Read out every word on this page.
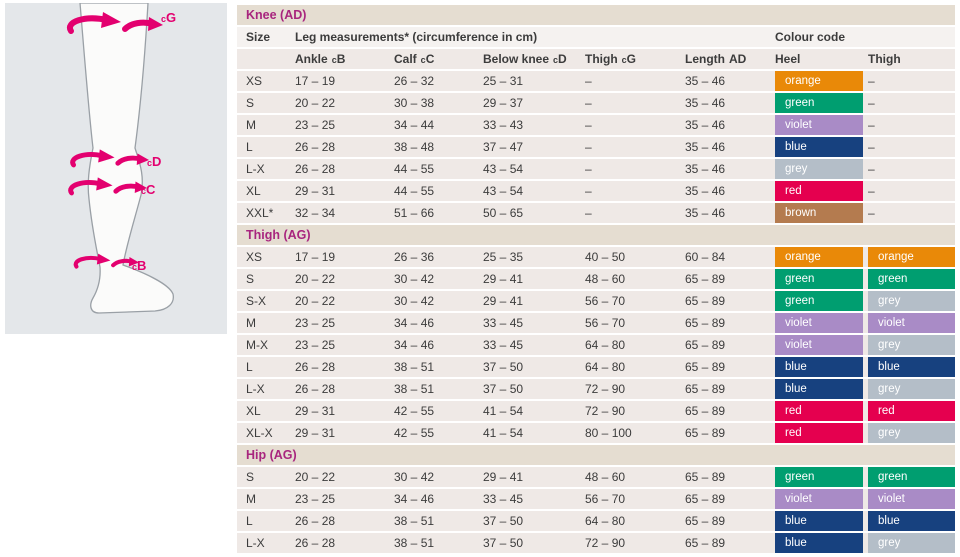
cG
cD
cC
cB
Knee (AD)
Size	Leg measurements* (circumference in cm)	Colour code
Ankle cB	Calf cC	Below knee cD	Thigh cG	Length AD	Heel	Thigh
XS	17 – 19	26 – 32	25 – 31	–	35 – 46	orange	–
S	20 – 22	30 – 38	29 – 37	–	35 – 46	green	–
M	23 – 25	34 – 44	33 – 43	–	35 – 46	violet	–
L	26 – 28	38 – 48	37 – 47	–	35 – 46	blue	–
L-X	26 – 28	44 – 55	43 – 54	–	35 – 46	grey	–
XL	29 – 31	44 – 55	43 – 54	–	35 – 46	red	–
XXL*	32 – 34	51 – 66	50 – 65	–	35 – 46	brown	–
Thigh (AG)
XS	17 – 19	26 – 36	25 – 35	40 – 50	60 – 84	orange	orange
S	20 – 22	30 – 42	29 – 41	48 – 60	65 – 89	green	green
S-X	20 – 22	30 – 42	29 – 41	56 – 70	65 – 89	green	grey
M	23 – 25	34 – 46	33 – 45	56 – 70	65 – 89	violet	violet
M-X	23 – 25	34 – 46	33 – 45	64 – 80	65 – 89	violet	grey
L	26 – 28	38 – 51	37 – 50	64 – 80	65 – 89	blue	blue
L-X	26 – 28	38 – 51	37 – 50	72 – 90	65 – 89	blue	grey
XL	29 – 31	42 – 55	41 – 54	72 – 90	65 – 89	red	red
XL-X	29 – 31	42 – 55	41 – 54	80 – 100	65 – 89	red	grey
Hip (AG)
S	20 – 22	30 – 42	29 – 41	48 – 60	65 – 89	green	green
M	23 – 25	34 – 46	33 – 45	56 – 70	65 – 89	violet	violet
L	26 – 28	38 – 51	37 – 50	64 – 80	65 – 89	blue	blue
L-X	26 – 28	38 – 51	37 – 50	72 – 90	65 – 89	blue	grey
